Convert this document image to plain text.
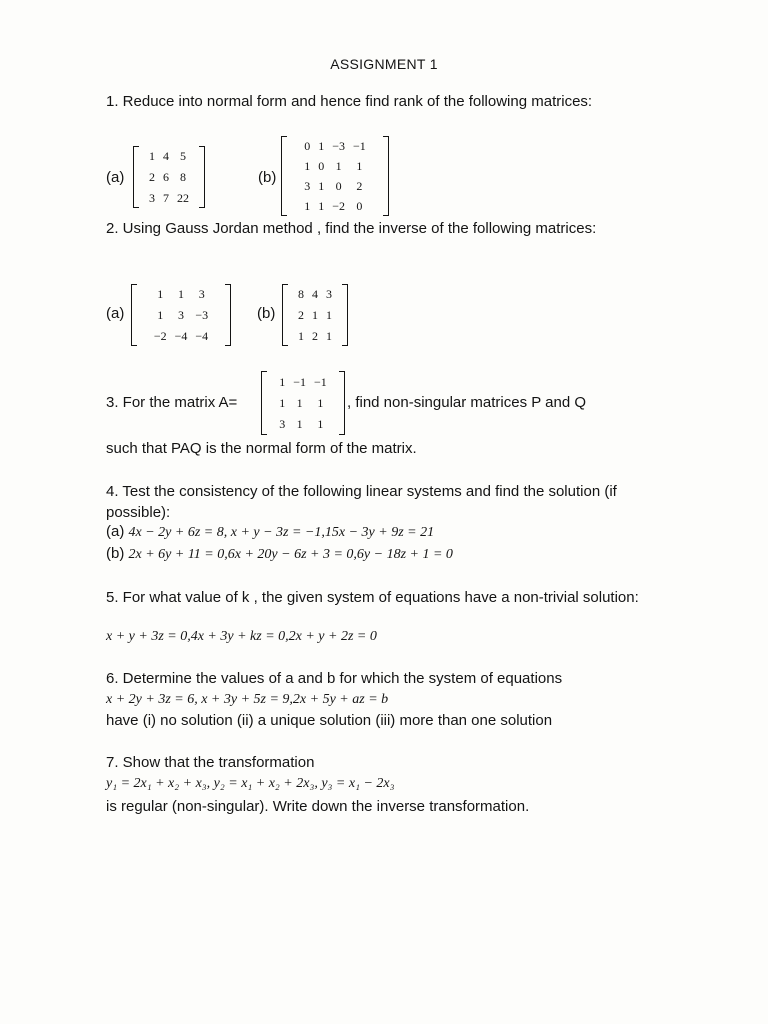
ASSIGNMENT 1
1. Reduce into normal form and hence find rank of the following matrices:
(a)
1	4	5
2	6	8
3	7	22
(b)
0	1	−3	−1
1	0	1	1
3	1	0	2
1	1	−2	0
2. Using Gauss Jordan method , find the inverse of the following matrices:
(a)
1	1	3
1	3	−3
−2	−4	−4
(b)
8	4	3
2	1	1
1	2	1
3. For the matrix A=
1	−1	−1
1	1	1
3	1	1
, find non-singular matrices P and Q
such that PAQ is the normal form of the matrix.
4. Test the consistency of the following linear systems and find the solution (if possible):
(a) 4x − 2y + 6z = 8, x + y − 3z = −1,15x − 3y + 9z = 21
(b) 2x + 6y + 11 = 0,6x + 20y − 6z + 3 = 0,6y − 18z + 1 = 0
5. For what value of k , the given system of equations have a non-trivial solution:
x + y + 3z = 0,4x + 3y + kz = 0,2x + y + 2z = 0
6. Determine the values of a and b for which the system of equations
x + 2y + 3z = 6, x + 3y + 5z = 9,2x + 5y + az = b
have (i) no solution (ii) a unique solution (iii) more than one solution
7. Show that the transformation
y₁ = 2x₁ + x₂ + x₃, y₂ = x₁ + x₂ + 2x₃, y₃ = x₁ − 2x₃
is regular (non-singular). Write down the inverse transformation.
